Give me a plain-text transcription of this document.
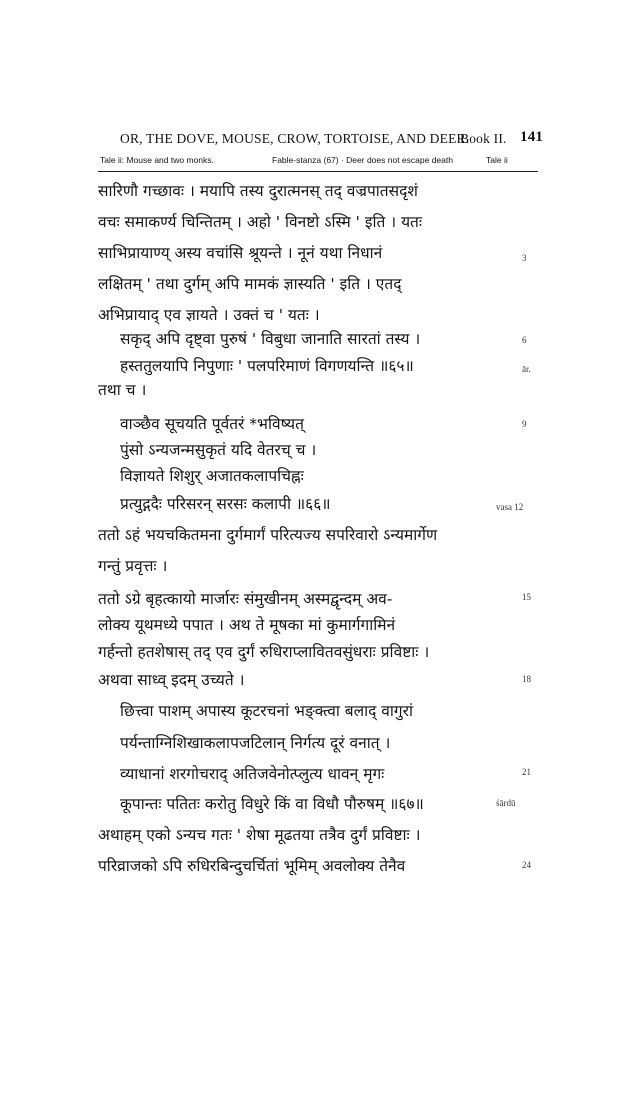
OR, THE DOVE, MOUSE, CROW, TORTOISE, AND DEER.
Book II. 141
Tale ii: Mouse and two monks.	Fable-stanza (67) · Deer does not escape death	Tale ii
सारिणौ गच्छावः । मयापि तस्य दुरात्मनस् तद् वज्रपातसदृशं
वचः समाकर्ण्य चिन्तितम् । अहो ' विनष्टो ऽस्मि ' इति । यतः
साभिप्रायाण्य् अस्य वचांसि श्रूयन्ते । नूनं यथा निधानं
लक्षितम् ' तथा दुर्गम् अपि मामकं ज्ञास्यति ' इति । एतद्
अभिप्रायाद् एव ज्ञायते । उक्तं च ' यतः ।
सकृद् अपि दृष्ट्वा पुरुषं ' विबुधा जानाति सारतां तस्य ।
हस्ततुलयापि निपुणाः ' पलपरिमाणं विगणयन्ति ॥६५॥
तथा च ।
वाञ्छैव सूचयति पूर्वतरं *भविष्यत्
पुंसो ऽन्यजन्मसुकृतं यदि वेतरच् च ।
विज्ञायते शिशुर् अजातकलापचिह्नः
प्रत्युद्गदैः परिसरन् सरसः कलापी ॥६६॥
ततो ऽहं भयचकितमना दुर्गमार्गं परित्यज्य सपरिवारो ऽन्यमार्गेण
गन्तुं प्रवृत्तः ।
ततो ऽग्रे बृहत्कायो मार्जारः संमुखीनम् अस्मद्वृन्दम् अव-
लोक्य यूथमध्ये पपात । अथ ते मूषका मां कुमार्गगामिनं
गर्हन्तो हतशेषास् तद् एव दुर्गं रुधिराप्लावितवसुंधराः प्रविष्टाः ।
अथवा साध्व् इदम् उच्यते ।
छित्त्वा पाशम् अपास्य कूटरचनां भङ्क्त्वा बलाद् वागुरां
पर्यन्ताग्निशिखाकलापजटिलान् निर्गत्य दूरं वनात् ।
व्याधानां शरगोचराद् अतिजवेनोत्प्लुत्य धावन् मृगः
कूपान्तः पतितः करोतु विधुरे किं वा विधौ पौरुषम् ॥६७॥
अथाहम् एको ऽन्यच गतः ' शेषा मूढतया तत्रैव दुर्गं प्रविष्टाः ।
परिव्राजको ऽपि रुधिरबिन्दुचर्चितां भूमिम् अवलोक्य तेनैव
3
6
ār.
9
vasa 12
15
18
21
śārdū
24
